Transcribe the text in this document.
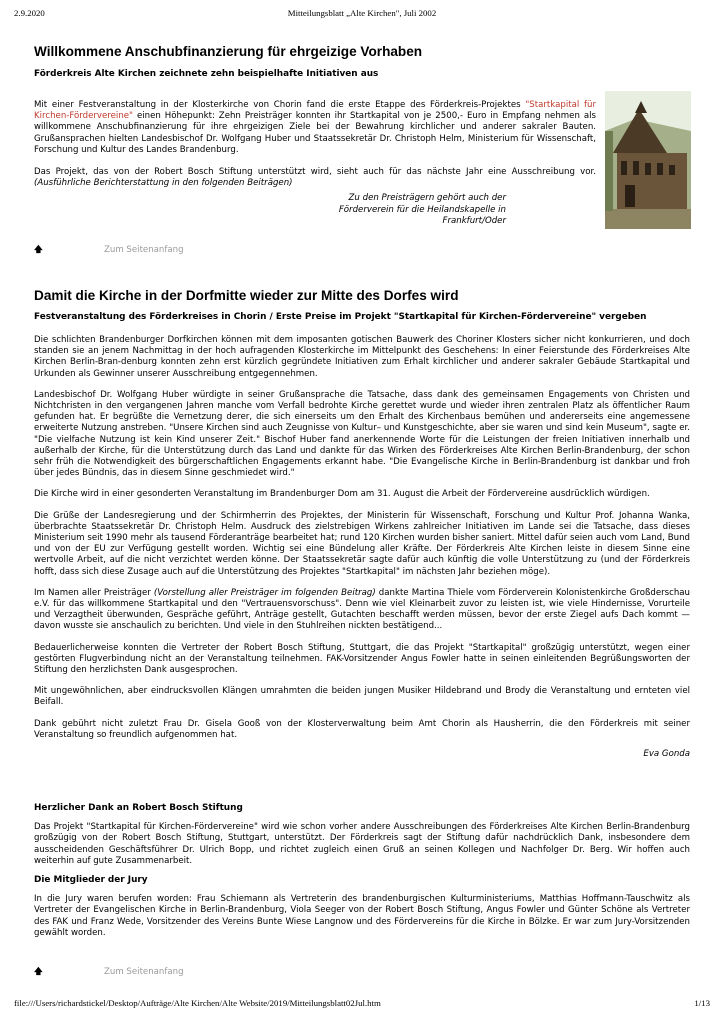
2.9.2020	Mitteilungsblatt „Alte Kirchen", Juli 2002
Willkommene Anschubfinanzierung für ehrgeizige Vorhaben
Förderkreis Alte Kirchen zeichnete zehn beispielhafte Initiativen aus

Mit einer Festveranstaltung in der Klosterkirche von Chorin fand die erste Etappe des Förderkreis-Projektes "Startkapital für Kirchen-Fördervereine" einen Höhepunkt: Zehn Preisträger konnten ihr Startkapital von je 2500,- Euro in Empfang nehmen als willkommene Anschubfinanzierung für ihre ehrgeizigen Ziele bei der Bewahrung kirchlicher und anderer sakraler Bauten. Grußansprachen hielten Landesbischof Dr. Wolfgang Huber und Staatssekretär Dr. Christoph Helm, Ministerium für Wissenschaft, Forschung und Kultur des Landes Brandenburg.

Das Projekt, das von der Robert Bosch Stiftung unterstützt wird, sieht auch für das nächste Jahr eine Ausschreibung vor. (Ausführliche Berichterstattung in den folgenden Beiträgen)

Zu den Preisträgern gehört auch der
Förderverein für die Heilandskapelle in
Frankfurt/Oder
🡅	Zum Seitenanfang
Damit die Kirche in der Dorfmitte wieder zur Mitte des Dorfes wird
Festveranstaltung des Förderkreises in Chorin / Erste Preise im Projekt "Startkapital für Kirchen-Fördervereine" vergeben

Die schlichten Brandenburger Dorfkirchen können mit dem imposanten gotischen Bauwerk des Choriner Klosters sicher nicht konkurrieren, und doch standen sie an jenem Nachmittag in der hoch aufragenden Klosterkirche im Mittelpunkt des Geschehens: In einer Feierstunde des Förderkreises Alte Kirchen Berlin-Bran-denburg konnten zehn erst kürzlich gegründete Initiativen zum Erhalt kirchlicher und anderer sakraler Gebäude Startkapital und Urkunden als Gewinner unserer Ausschreibung entgegennehmen.

Landesbischof Dr. Wolfgang Huber würdigte in seiner Grußansprache die Tatsache, dass dank des gemeinsamen Engagements von Christen und Nichtchristen in den vergangenen Jahren manche vom Verfall bedrohte Kirche gerettet wurde und wieder ihren zentralen Platz als öffentlicher Raum gefunden hat. Er begrüßte die Vernetzung derer, die sich einerseits um den Erhalt des Kirchenbaus bemühen und andererseits eine angemessene erweiterte Nutzung anstreben. "Unsere Kirchen sind auch Zeugnisse von Kultur– und Kunstgeschichte, aber sie waren und sind kein Museum", sagte er. "Die vielfache Nutzung ist kein Kind unserer Zeit." Bischof Huber fand anerkennende Worte für die Leistungen der freien Initiativen innerhalb und außerhalb der Kirche, für die Unterstützung durch das Land und dankte für das Wirken des Förderkreises Alte Kirchen Berlin-Brandenburg, der schon sehr früh die Notwendigkeit des bürgerschaftlichen Engagements erkannt habe. "Die Evangelische Kirche in Berlin-Brandenburg ist dankbar und froh über jedes Bündnis, das in diesem Sinne geschmiedet wird."

Die Kirche wird in einer gesonderten Veranstaltung im Brandenburger Dom am 31. August die Arbeit der Fördervereine ausdrücklich würdigen.

Die Grüße der Landesregierung und der Schirmherrin des Projektes, der Ministerin für Wissenschaft, Forschung und Kultur Prof. Johanna Wanka, überbrachte Staatssekretär Dr. Christoph Helm. Ausdruck des zielstrebigen Wirkens zahlreicher Initiativen im Lande sei die Tatsache, dass dieses Ministerium seit 1990 mehr als tausend Förderanträge bearbeitet hat; rund 120 Kirchen wurden bisher saniert. Mittel dafür seien auch vom Land, Bund und von der EU zur Verfügung gestellt worden. Wichtig sei eine Bündelung aller Kräfte. Der Förderkreis Alte Kirchen leiste in diesem Sinne eine wertvolle Arbeit, auf die nicht verzichtet werden könne. Der Staatssekretär sagte dafür auch künftig die volle Unterstützung zu (und der Förderkreis hofft, dass sich diese Zusage auch auf die Unterstützung des Projektes "Startkapital" im nächsten Jahr beziehen möge).

Im Namen aller Preisträger (Vorstellung aller Preisträger im folgenden Beitrag) dankte Martina Thiele vom Förderverein Kolonistenkirche Großderschau e.V. für das willkommene Startkapital und den "Vertrauensvorschuss". Denn wie viel Kleinarbeit zuvor zu leisten ist, wie viele Hindernisse, Vorurteile und Verzagtheit überwunden, Gespräche geführt, Anträge gestellt, Gutachten beschafft werden müssen, bevor der erste Ziegel aufs Dach kommt — davon wusste sie anschaulich zu berichten. Und viele in den Stuhlreihen nickten bestätigend...

Bedauerlicherweise konnten die Vertreter der Robert Bosch Stiftung, Stuttgart, die das Projekt "Startkapital" großzügig unterstützt, wegen einer gestörten Flugverbindung nicht an der Veranstaltung teilnehmen. FAK-Vorsitzender Angus Fowler hatte in seinen einleitenden Begrüßungsworten der Stiftung den herzlichsten Dank ausgesprochen.

Mit ungewöhnlichen, aber eindrucksvollen Klängen umrahmten die beiden jungen Musiker Hildebrand und Brody die Veranstaltung und ernteten viel Beifall.

Dank gebührt nicht zuletzt Frau Dr. Gisela Gooß von der Klosterverwaltung beim Amt Chorin als Hausherrin, die den Förderkreis mit seiner Veranstaltung so freundlich aufgenommen hat.

Eva Gonda
Herzlicher Dank an Robert Bosch Stiftung

Das Projekt "Startkapital für Kirchen-Fördervereine" wird wie schon vorher andere Ausschreibungen des Förderkreises Alte Kirchen Berlin-Brandenburg großzügig von der Robert Bosch Stiftung, Stuttgart, unterstützt. Der Förderkreis sagt der Stiftung dafür nachdrücklich Dank, insbesondere dem ausscheidenden Geschäftsführer Dr. Ulrich Bopp, und richtet zugleich einen Gruß an seinen Kollegen und Nachfolger Dr. Berg. Wir hoffen auch weiterhin auf gute Zusammenarbeit.

Die Mitglieder der Jury

In die Jury waren berufen worden: Frau Schiemann als Vertreterin des brandenburgischen Kulturministeriums, Matthias Hoffmann-Tauschwitz als Vertreter der Evangelischen Kirche in Berlin-Brandenburg, Viola Seeger von der Robert Bosch Stiftung, Angus Fowler und Günter Schöne als Vertreter des FAK und Franz Wede, Vorsitzender des Vereins Bunte Wiese Langnow und des Fördervereins für die Kirche in Bölzke. Er war zum Jury-Vorsitzenden gewählt worden.

🡅	Zum Seitenanfang
file:///Users/richardstickel/Desktop/Aufträge/Alte Kirchen/Alte Website/2019/Mitteilungsblatt02Jul.htm	1/13
